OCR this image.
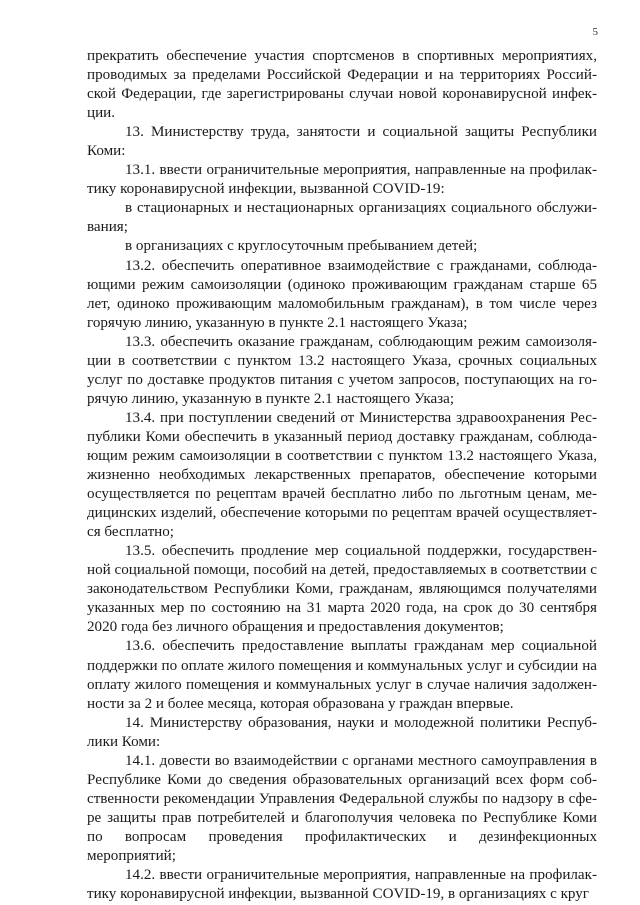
5

прекратить обеспечение участия спортсменов в спортивных мероприятиях, проводимых за пределами Российской Федерации и на территориях Российской Федерации, где зарегистрированы случаи новой коронавирусной инфекции.

13. Министерству труда, занятости и социальной защиты Республики Коми:

13.1. ввести ограничительные мероприятия, направленные на профилактику коронавирусной инфекции, вызванной COVID-19:

в стационарных и нестационарных организациях социального обслуживания;

в организациях с круглосуточным пребыванием детей;

13.2. обеспечить оперативное взаимодействие с гражданами, соблюдающими режим самоизоляции (одиноко проживающим гражданам старше 65 лет, одиноко проживающим маломобильным гражданам), в том числе через горячую линию, указанную в пункте 2.1 настоящего Указа;

13.3. обеспечить оказание гражданам, соблюдающим режим самоизоляции в соответствии с пунктом 13.2 настоящего Указа, срочных социальных услуг по доставке продуктов питания с учетом запросов, поступающих на горячую линию, указанную в пункте 2.1 настоящего Указа;

13.4. при поступлении сведений от Министерства здравоохранения Республики Коми обеспечить в указанный период доставку гражданам, соблюдающим режим самоизоляции в соответствии с пунктом 13.2 настоящего Указа, жизненно необходимых лекарственных препаратов, обеспечение которыми осуществляется по рецептам врачей бесплатно либо по льготным ценам, медицинских изделий, обеспечение которыми по рецептам врачей осуществляется бесплатно;

13.5. обеспечить продление мер социальной поддержки, государственной социальной помощи, пособий на детей, предоставляемых в соответствии с законодательством Республики Коми, гражданам, являющимся получателями указанных мер по состоянию на 31 марта 2020 года, на срок до 30 сентября 2020 года без личного обращения и предоставления документов;

13.6. обеспечить предоставление выплаты гражданам мер социальной поддержки по оплате жилого помещения и коммунальных услуг и субсидии на оплату жилого помещения и коммунальных услуг в случае наличия задолженности за 2 и более месяца, которая образована у граждан впервые.

14. Министерству образования, науки и молодежной политики Республики Коми:

14.1. довести во взаимодействии с органами местного самоуправления в Республике Коми до сведения образовательных организаций всех форм собственности рекомендации Управления Федеральной службы по надзору в сфере защиты прав потребителей и благополучия человека по Республике Коми по вопросам проведения профилактических и дезинфекционных мероприятий;

14.2. ввести ограничительные мероприятия, направленные на профилактику коронавирусной инфекции, вызванной COVID-19, в организациях с круг
